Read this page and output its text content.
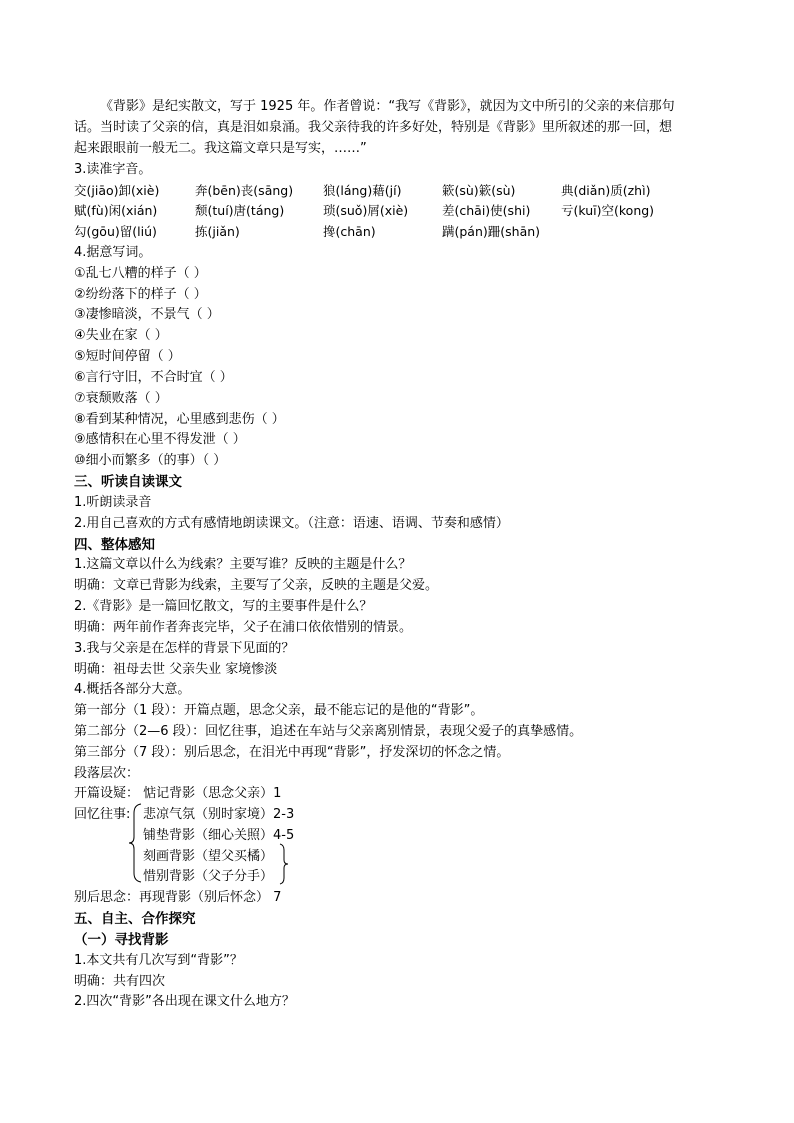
《背影》是纪实散文，写于 1925 年。作者曾说：“我写《背影》，就因为文中所引的父亲的来信那句
话。当时读了父亲的信，真是泪如泉涌。我父亲待我的许多好处，特别是《背影》里所叙述的那一回，想
起来跟眼前一般无二。我这篇文章只是写实，……”
3.读准字音。
交(jiāo)卸(xiè)	奔(bēn)丧(sāng) 狼(láng)藉(jí)	簌(sù)簌(sù)	典(diǎn)质(zhì)
赋(fù)闲(xián)	颓(tuí)唐(táng)	琐(suǒ)屑(xiè)	差(chāi)使(shi) 亏(kuī)空(kong)
勾(gōu)留(liú)	拣(jiǎn)	搀(chān)	蹒(pán)跚(shān)
4.据意写词。
①乱七八糟的样子（ ）
②纷纷落下的样子（ ）
③凄惨暗淡，不景气（ ）
④失业在家（ ）
⑤短时间停留（ ）
⑥言行守旧，不合时宜（ ）
⑦衰颓败落（ ）
⑧看到某种情况，心里感到悲伤（ ）
⑨感情积在心里不得发泄（ ）
⑩细小而繁多（的事）（ ）
三、听读自读课文
1.听朗读录音
2.用自己喜欢的方式有感情地朗读课文。（注意：语速、语调、节奏和感情）
四、整体感知
1.这篇文章以什么为线索？主要写谁？反映的主题是什么？
明确：文章已背影为线索，主要写了父亲，反映的主题是父爱。
2.《背影》是一篇回忆散文，写的主要事件是什么？
明确：两年前作者奔丧完毕，父子在浦口依依惜别的情景。
3.我与父亲是在怎样的背景下见面的？
明确：祖母去世 父亲失业 家境惨淡
4.概括各部分大意。
第一部分（1 段）：开篇点题，思念父亲，最不能忘记的是他的“背影”。
第二部分（2—6 段）：回忆往事，追述在车站与父亲离别情景，表现父爱子的真挚感情。
第三部分（7 段）：别后思念，在泪光中再现“背影”，抒发深切的怀念之情。
段落层次：
开篇设疑： 惦记背影（思念父亲）1
回忆往事: 悲凉气氛（别时家境）2-3
铺垫背影（细心关照）4-5
刻画背影（望父买橘）
惜别背影（父子分手）
别后思念：再现背影（别后怀念） 7
五、自主、合作探究
（一）寻找背影
1.本文共有几次写到“背影”？
明确：共有四次
2.四次“背影”各出现在课文什么地方？
